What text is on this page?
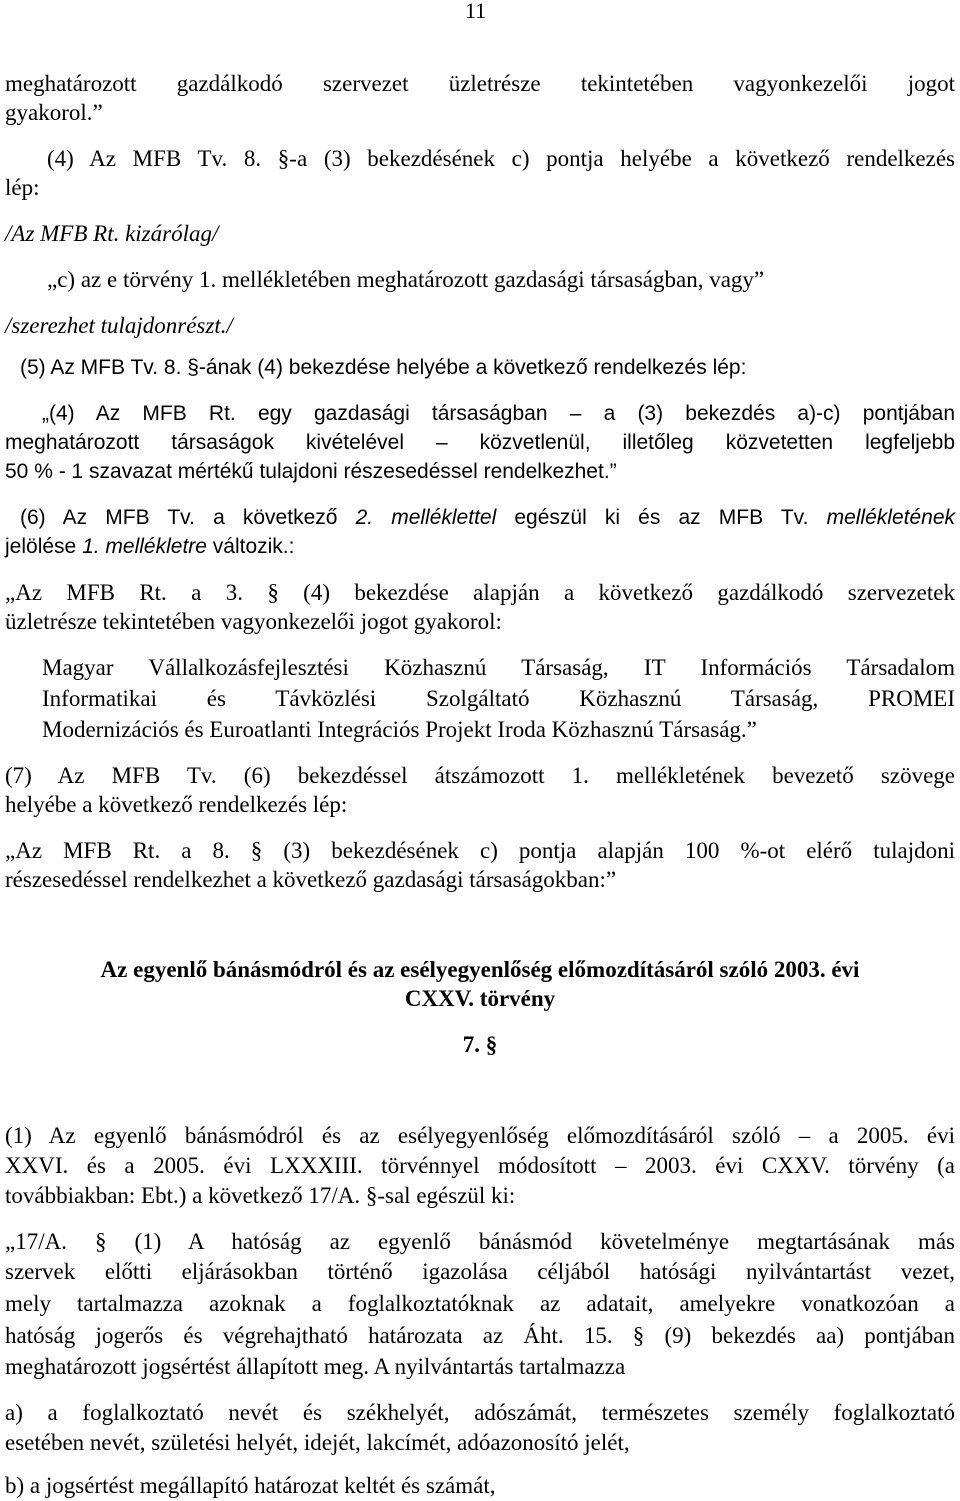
11
meghatározott gazdálkodó szervezet üzletrésze tekintetében vagyonkezelői jogot
gyakorol.”
(4) Az MFB Tv. 8. §-a (3) bekezdésének c) pontja helyébe a következő rendelkezés
lép:
/Az MFB Rt. kizárólag/
„c) az e törvény 1. mellékletében meghatározott gazdasági társaságban, vagy”
/szerezhet tulajdonrészt./
(5) Az MFB Tv. 8. §-ának (4) bekezdése helyébe a következő rendelkezés lép:
„(4) Az MFB Rt. egy gazdasági társaságban – a (3) bekezdés a)-c) pontjában
meghatározott társaságok kivételével – közvetlenül, illetőleg közvetetten legfeljebb
50 % - 1 szavazat mértékű tulajdoni részesedéssel rendelkezhet.”
(6) Az MFB Tv. a következő 2. melléklettel egészül ki és az MFB Tv. mellékletének
jelölése 1. mellékletre változik.:
„Az MFB Rt. a 3. § (4) bekezdése alapján a következő gazdálkodó szervezetek
üzletrésze tekintetében vagyonkezelői jogot gyakorol:
Magyar Vállalkozásfejlesztési Közhasznú Társaság, IT Információs Társadalom
Informatikai és Távközlési Szolgáltató Közhasznú Társaság, PROMEI
Modernizációs és Euroatlanti Integrációs Projekt Iroda Közhasznú Társaság.”
(7) Az MFB Tv. (6) bekezdéssel átszámozott 1. mellékletének bevezető szövege
helyébe a következő rendelkezés lép:
„Az MFB Rt. a 8. § (3) bekezdésének c) pontja alapján 100 %-ot elérő tulajdoni
részesedéssel rendelkezhet a következő gazdasági társaságokban:”
Az egyenlő bánásmódról és az esélyegyenlőség előmozdításáról szóló 2003. évi
CXXV. törvény
7. §
(1) Az egyenlő bánásmódról és az esélyegyenlőség előmozdításáról szóló – a 2005. évi
XXVI. és a 2005. évi LXXXIII. törvénnyel módosított – 2003. évi CXXV. törvény (a
továbbiakban: Ebt.) a következő 17/A. §-sal egészül ki:
„17/A. § (1) A hatóság az egyenlő bánásmód követelménye megtartásának más
szervek előtti eljárásokban történő igazolása céljából hatósági nyilvántartást vezet,
mely tartalmazza azoknak a foglalkoztatóknak az adatait, amelyekre vonatkozóan a
hatóság jogerős és végrehajtható határozata az Áht. 15. § (9) bekezdés aa) pontjában
meghatározott jogsértést állapított meg. A nyilvántartás tartalmazza
a) a foglalkoztató nevét és székhelyét, adószámát, természetes személy foglalkoztató
esetében nevét, születési helyét, idejét, lakcímét, adóazonosító jelét,
b) a jogsértést megállapító határozat keltét és számát,
